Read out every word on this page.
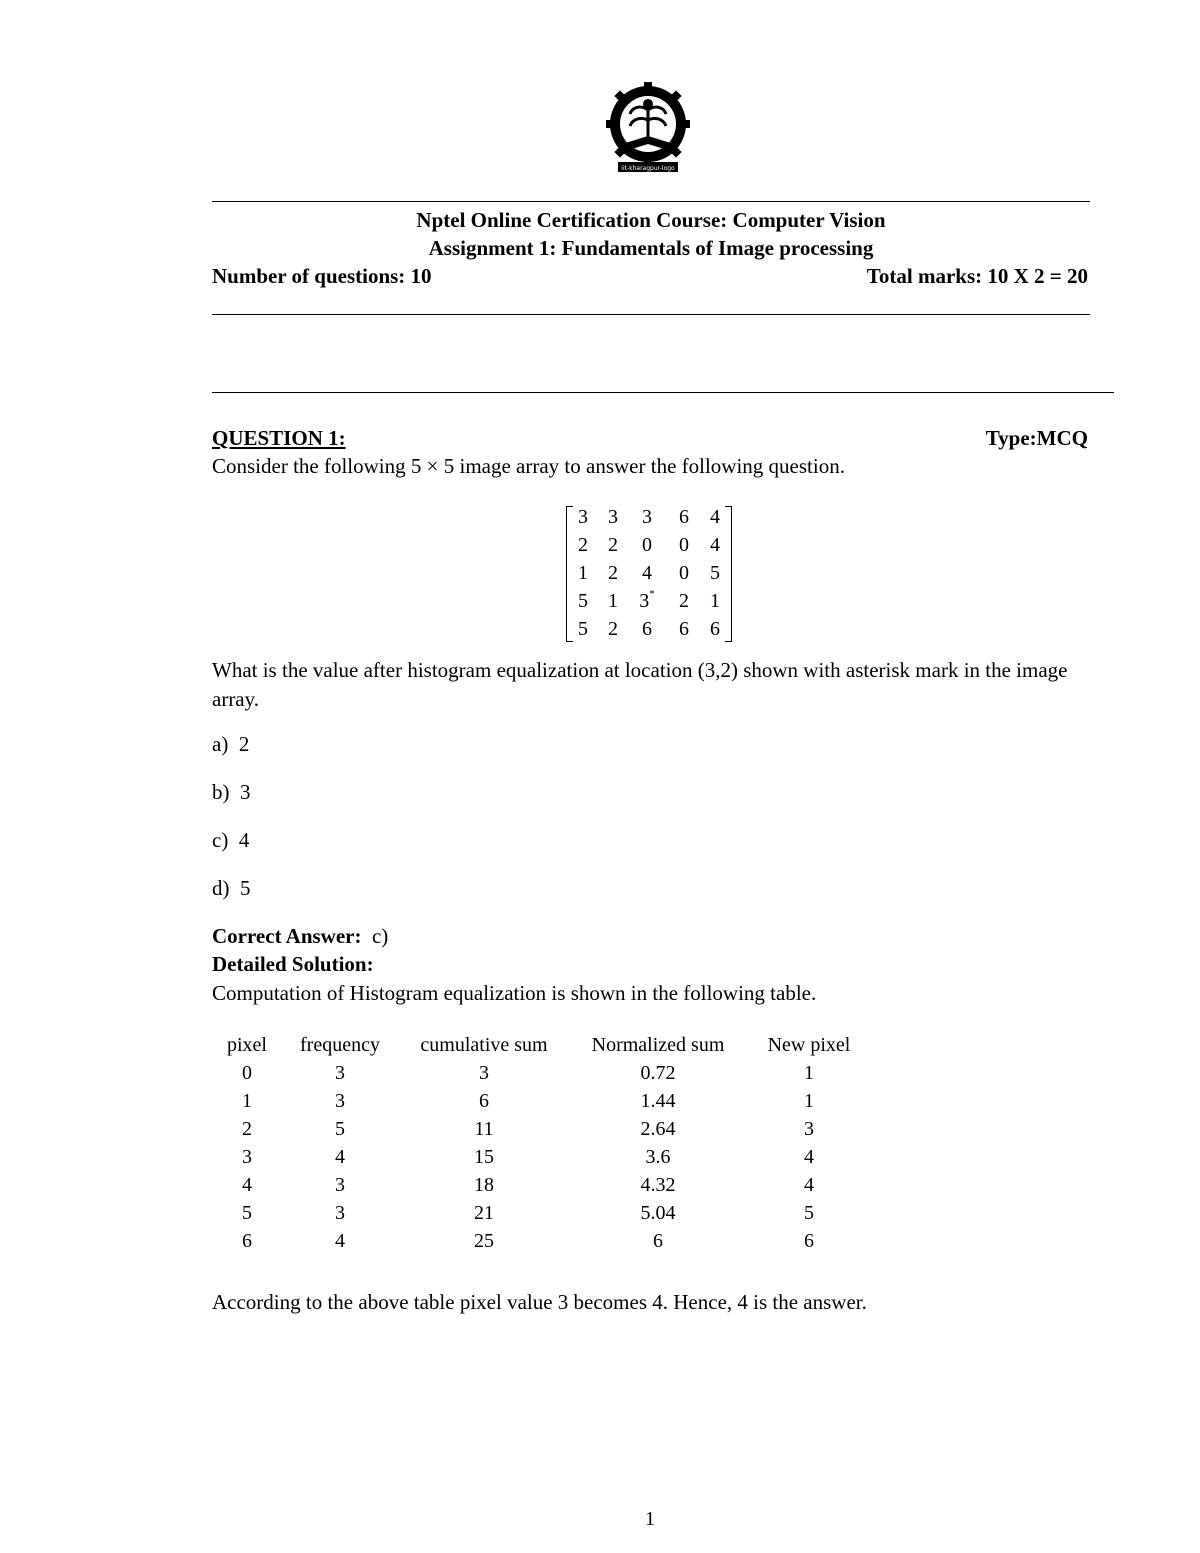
iit-kharagpur-logo
Nptel Online Certification Course: Computer Vision
Assignment 1: Fundamentals of Image processing
Number of questions: 10	Total marks: 10 X 2 = 20
QUESTION 1:	Type:MCQ
Consider the following 5 × 5 image array to answer the following question.
3	3	3	6	4
2	2	0	0	4
1	2	4	0	5
5	1	3*	2	1
5	2	6	6	6
What is the value after histogram equalization at location (3,2) shown with asterisk mark in the image array.
a) 2
b) 3
c) 4
d) 5
Correct Answer: c)
Detailed Solution:
Computation of Histogram equalization is shown in the following table.
pixel	frequency	cumulative sum	Normalized sum	New pixel
0	3	3	0.72	1
1	3	6	1.44	1
2	5	11	2.64	3
3	4	15	3.6	4
4	3	18	4.32	4
5	3	21	5.04	5
6	4	25	6	6
According to the above table pixel value 3 becomes 4. Hence, 4 is the answer.
1
